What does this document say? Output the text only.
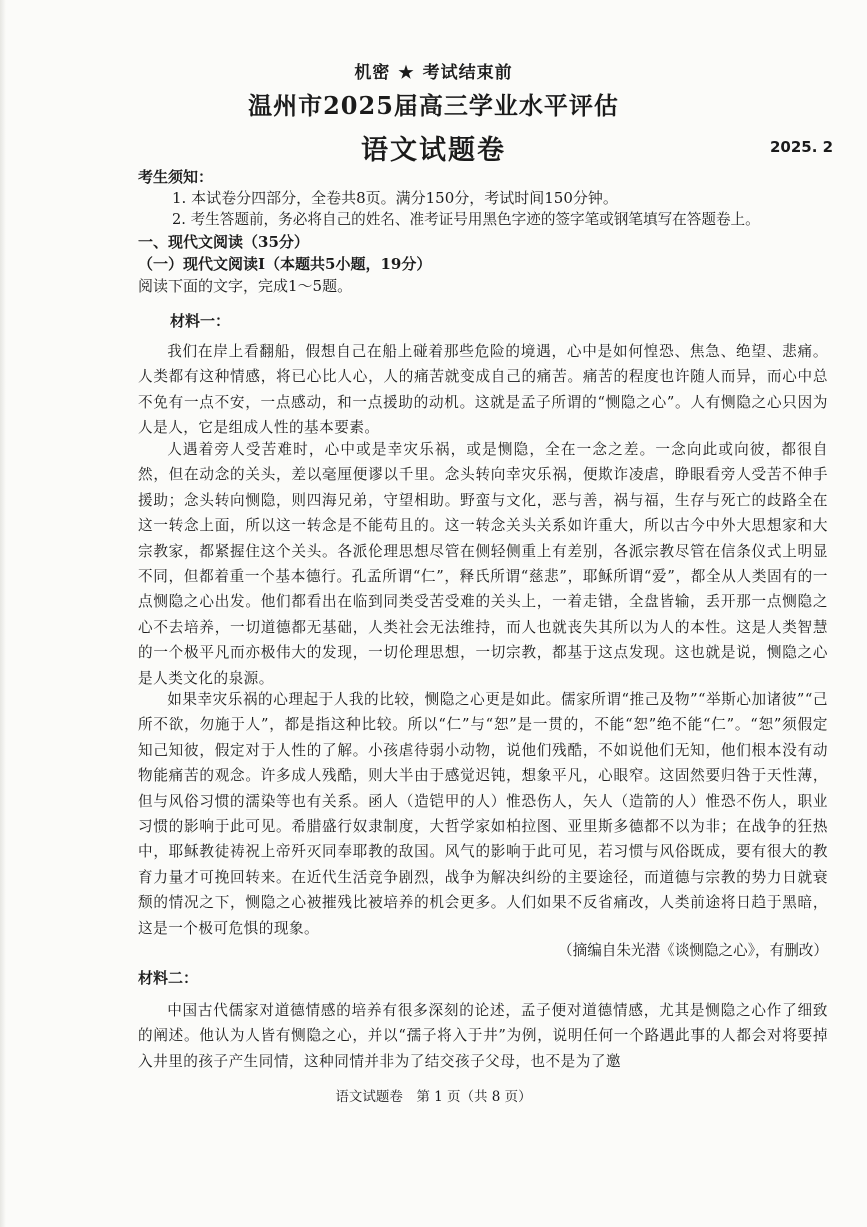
机密 ★ 考试结束前
温州市2025届高三学业水平评估
语文试题卷	2025. 2
考生须知：
1. 本试卷分四部分，全卷共8页。满分150分，考试时间150分钟。
2. 考生答题前，务必将自己的姓名、准考证号用黑色字迹的签字笔或钢笔填写在答题卷上。
一、现代文阅读（35分）
（一）现代文阅读Ⅰ（本题共5小题，19分）
阅读下面的文字，完成1～5题。
材料一：

我们在岸上看翻船，假想自己在船上碰着那些危险的境遇，心中是如何惶恐、焦急、绝望、悲痛。人类都有这种情感，将已心比人心，人的痛苦就变成自己的痛苦。痛苦的程度也许随人而异，而心中总不免有一点不安，一点感动，和一点援助的动机。这就是孟子所谓的“恻隐之心”。人有恻隐之心只因为人是人，它是组成人性的基本要素。

人遇着旁人受苦难时，心中或是幸灾乐祸，或是恻隐，全在一念之差。一念向此或向彼，都很自然，但在动念的关头，差以毫厘便谬以千里。念头转向幸灾乐祸，便欺诈凌虐，睁眼看旁人受苦不伸手援助；念头转向恻隐，则四海兄弟，守望相助。野蛮与文化，恶与善，祸与福，生存与死亡的歧路全在这一转念上面，所以这一转念是不能苟且的。这一转念关头关系如许重大，所以古今中外大思想家和大宗教家，都紧握住这个关头。各派伦理思想尽管在侧轻侧重上有差别，各派宗教尽管在信条仪式上明显不同，但都着重一个基本德行。孔孟所谓“仁”，释氏所谓“慈悲”，耶稣所谓“爱”，都全从人类固有的一点恻隐之心出发。他们都看出在临到同类受苦受难的关头上，一着走错，全盘皆输，丢开那一点恻隐之心不去培养，一切道德都无基础，人类社会无法维持，而人也就丧失其所以为人的本性。这是人类智慧的一个极平凡而亦极伟大的发现，一切伦理思想，一切宗教，都基于这点发现。这也就是说，恻隐之心是人类文化的泉源。

如果幸灾乐祸的心理起于人我的比较，恻隐之心更是如此。儒家所谓“推己及物”“举斯心加诸彼”“己所不欲，勿施于人”，都是指这种比较。所以“仁”与“恕”是一贯的，不能“恕”绝不能“仁”。“恕”须假定知己知彼，假定对于人性的了解。小孩虐待弱小动物，说他们残酷，不如说他们无知，他们根本没有动物能痛苦的观念。许多成人残酷，则大半由于感觉迟钝，想象平凡，心眼窄。这固然要归咎于天性薄，但与风俗习惯的濡染等也有关系。函人（造铠甲的人）惟恐伤人，矢人（造箭的人）惟恐不伤人，职业习惯的影响于此可见。希腊盛行奴隶制度，大哲学家如柏拉图、亚里斯多德都不以为非；在战争的狂热中，耶稣教徒祷祝上帝歼灭同奉耶教的敌国。风气的影响于此可见，若习惯与风俗既成，要有很大的教育力量才可挽回转来。在近代生活竞争剧烈，战争为解决纠纷的主要途径，而道德与宗教的势力日就衰颓的情况之下，恻隐之心被摧残比被培养的机会更多。人们如果不反省痛改，人类前途将日趋于黑暗，这是一个极可危惧的现象。

（摘编自朱光潜《谈恻隐之心》，有删改）
材料二：

中国古代儒家对道德情感的培养有很多深刻的论述，孟子便对道德情感，尤其是恻隐之心作了细致的阐述。他认为人皆有恻隐之心，并以“孺子将入于井”为例，说明任何一个路遇此事的人都会对将要掉入井里的孩子产生同情，这种同情并非为了结交孩子父母，也不是为了邀

语文试题卷　第 1 页（共 8 页）
